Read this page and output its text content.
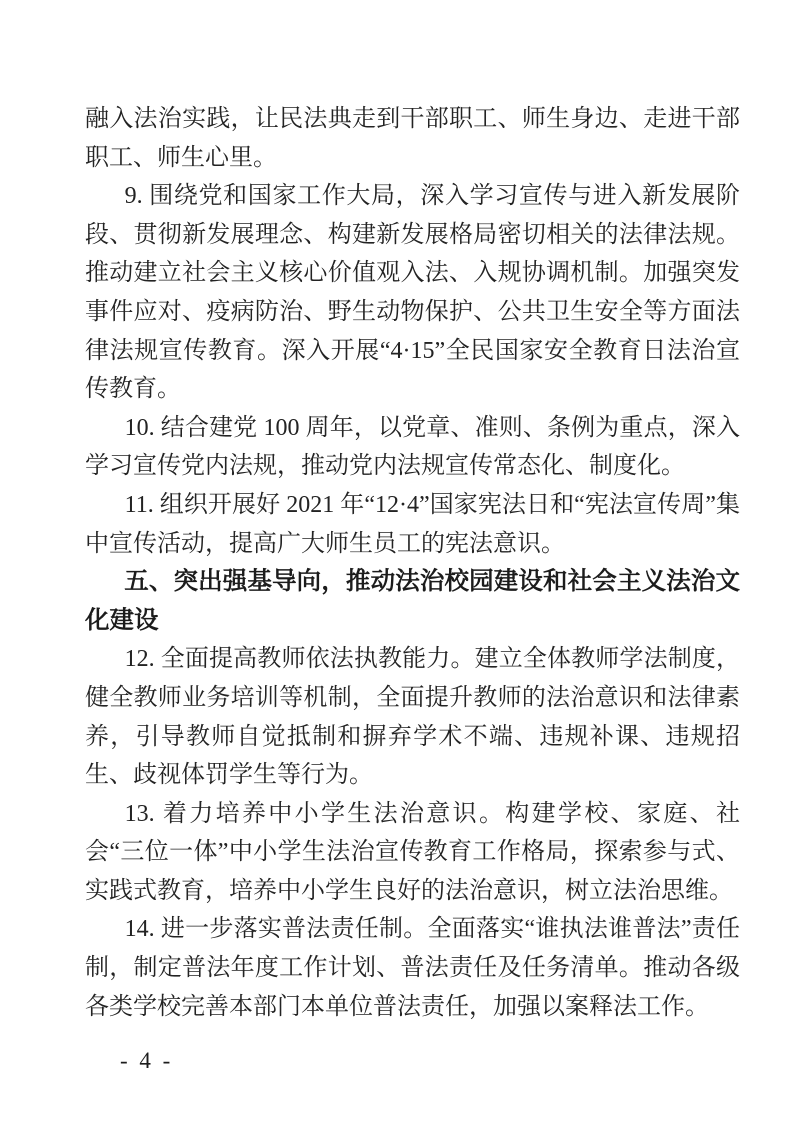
融入法治实践，让民法典走到干部职工、师生身边、走进干部职工、师生心里。

9. 围绕党和国家工作大局，深入学习宣传与进入新发展阶段、贯彻新发展理念、构建新发展格局密切相关的法律法规。推动建立社会主义核心价值观入法、入规协调机制。加强突发事件应对、疫病防治、野生动物保护、公共卫生安全等方面法律法规宣传教育。深入开展“4·15”全民国家安全教育日法治宣传教育。

10. 结合建党 100 周年，以党章、准则、条例为重点，深入学习宣传党内法规，推动党内法规宣传常态化、制度化。

11. 组织开展好 2021 年“12·4”国家宪法日和“宪法宣传周”集中宣传活动，提高广大师生员工的宪法意识。

五、突出强基导向，推动法治校园建设和社会主义法治文化建设

12. 全面提高教师依法执教能力。建立全体教师学法制度，健全教师业务培训等机制，全面提升教师的法治意识和法律素养，引导教师自觉抵制和摒弃学术不端、违规补课、违规招生、歧视体罚学生等行为。

13. 着力培养中小学生法治意识。构建学校、家庭、社会“三位一体”中小学生法治宣传教育工作格局，探索参与式、实践式教育，培养中小学生良好的法治意识，树立法治思维。

14. 进一步落实普法责任制。全面落实“谁执法谁普法”责任制，制定普法年度工作计划、普法责任及任务清单。推动各级各类学校完善本部门本单位普法责任，加强以案释法工作。

- 4 -
